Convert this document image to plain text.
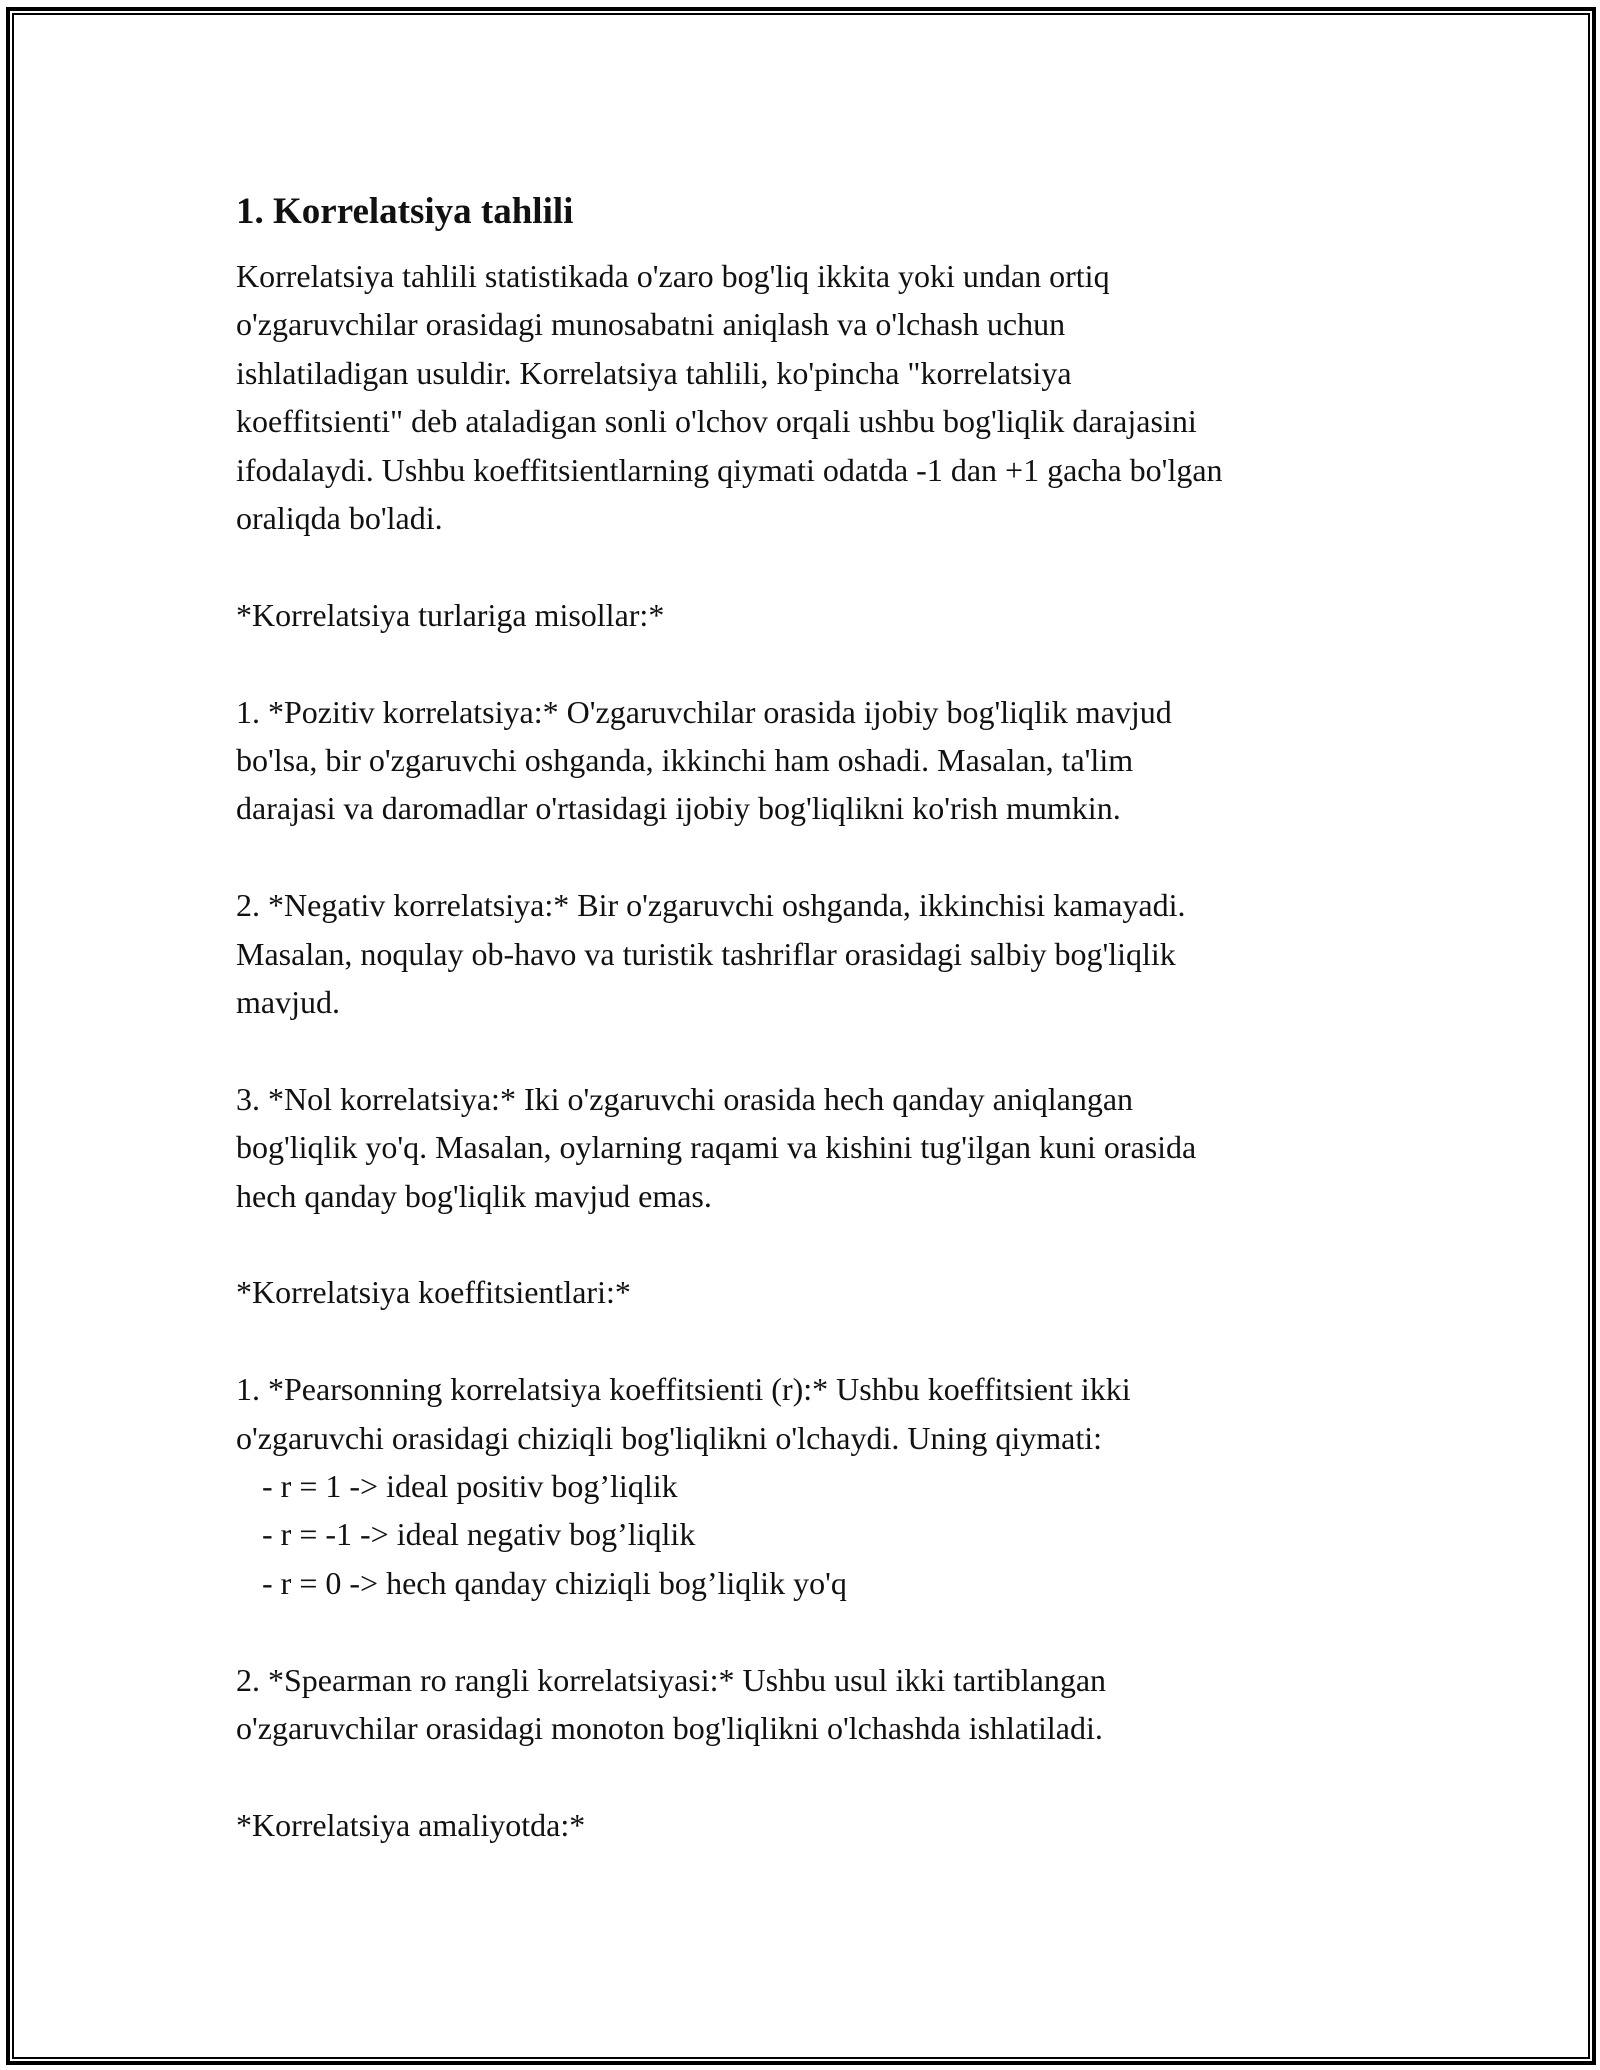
1. Korrelatsiya tahlili
Korrelatsiya tahlili statistikada o'zaro bog'liq ikkita yoki undan ortiq
o'zgaruvchilar orasidagi munosabatni aniqlash va o'lchash uchun
ishlatiladigan usuldir. Korrelatsiya tahlili, ko'pincha "korrelatsiya
koeffitsienti" deb ataladigan sonli o'lchov orqali ushbu bog'liqlik darajasini
ifodalaydi. Ushbu koeffitsientlarning qiymati odatda -1 dan +1 gacha bo'lgan
oraliqda bo'ladi.
*Korrelatsiya turlariga misollar:*
1. *Pozitiv korrelatsiya:* O'zgaruvchilar orasida ijobiy bog'liqlik mavjud
bo'lsa, bir o'zgaruvchi oshganda, ikkinchi ham oshadi. Masalan, ta'lim
darajasi va daromadlar o'rtasidagi ijobiy bog'liqlikni ko'rish mumkin.
2. *Negativ korrelatsiya:* Bir o'zgaruvchi oshganda, ikkinchisi kamayadi.
Masalan, noqulay ob-havo va turistik tashriflar orasidagi salbiy bog'liqlik
mavjud.
3. *Nol korrelatsiya:* Iki o'zgaruvchi orasida hech qanday aniqlangan
bog'liqlik yo'q. Masalan, oylarning raqami va kishini tug'ilgan kuni orasida
hech qanday bog'liqlik mavjud emas.
*Korrelatsiya koeffitsientlari:*
1. *Pearsonning korrelatsiya koeffitsienti (r):* Ushbu koeffitsient ikki
o'zgaruvchi orasidagi chiziqli bog'liqlikni o'lchaydi. Uning qiymati:
- r = 1 -> ideal positiv bog’liqlik
- r = -1 -> ideal negativ bog’liqlik
- r = 0 -> hech qanday chiziqli bog’liqlik yo'q
2. *Spearman ro rangli korrelatsiyasi:* Ushbu usul ikki tartiblangan
o'zgaruvchilar orasidagi monoton bog'liqlikni o'lchashda ishlatiladi.
*Korrelatsiya amaliyotda:*
